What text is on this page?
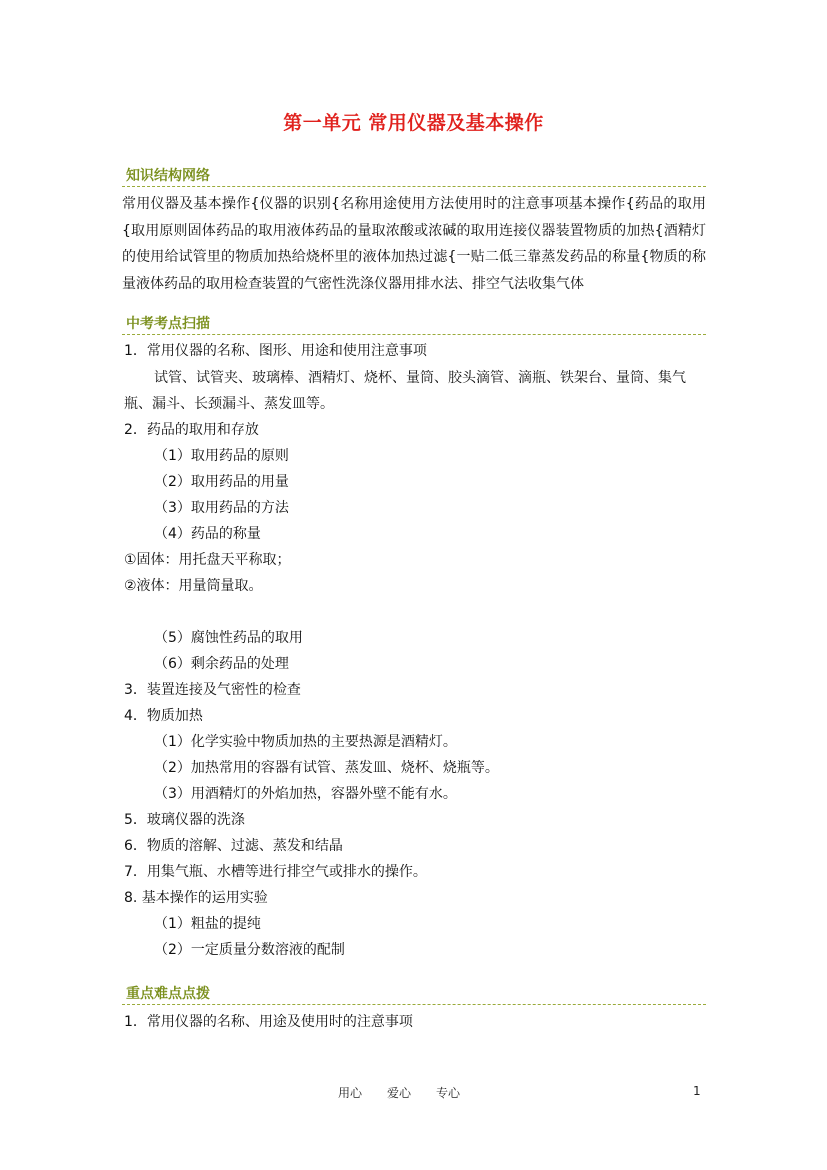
第一单元 常用仪器及基本操作
知识结构网络
常用仪器及基本操作{仪器的识别{名称用途使用方法使用时的注意事项基本操作{药品的取用{取用原则固体药品的取用液体药品的量取浓酸或浓碱的取用连接仪器装置物质的加热{酒精灯的使用给试管里的物质加热给烧杯里的液体加热过滤{一贴二低三靠蒸发药品的称量{物质的称量液体药品的取用检查装置的气密性洗涤仪器用排水法、排空气法收集气体
中考考点扫描
1．常用仪器的名称、图形、用途和使用注意事项
试管、试管夹、玻璃棒、酒精灯、烧杯、量筒、胶头滴管、滴瓶、铁架台、量筒、集气
瓶、漏斗、长颈漏斗、蒸发皿等。
2．药品的取用和存放
（1）取用药品的原则
（2）取用药品的用量
（3）取用药品的方法
（4）药品的称量
①固体：用托盘天平称取；
②液体：用量筒量取。
（5）腐蚀性药品的取用
（6）剩余药品的处理
3．装置连接及气密性的检查
4．物质加热
（1）化学实验中物质加热的主要热源是酒精灯。
（2）加热常用的容器有试管、蒸发皿、烧杯、烧瓶等。
（3）用酒精灯的外焰加热，容器外壁不能有水。
5．玻璃仪器的洗涤
6．物质的溶解、过滤、蒸发和结晶
7．用集气瓶、水槽等进行排空气或排水的操作。
8. 基本操作的运用实验
（1）粗盐的提纯
（2）一定质量分数溶液的配制
重点难点点拨
1．常用仪器的名称、用途及使用时的注意事项
用心 爱心 专心	1
